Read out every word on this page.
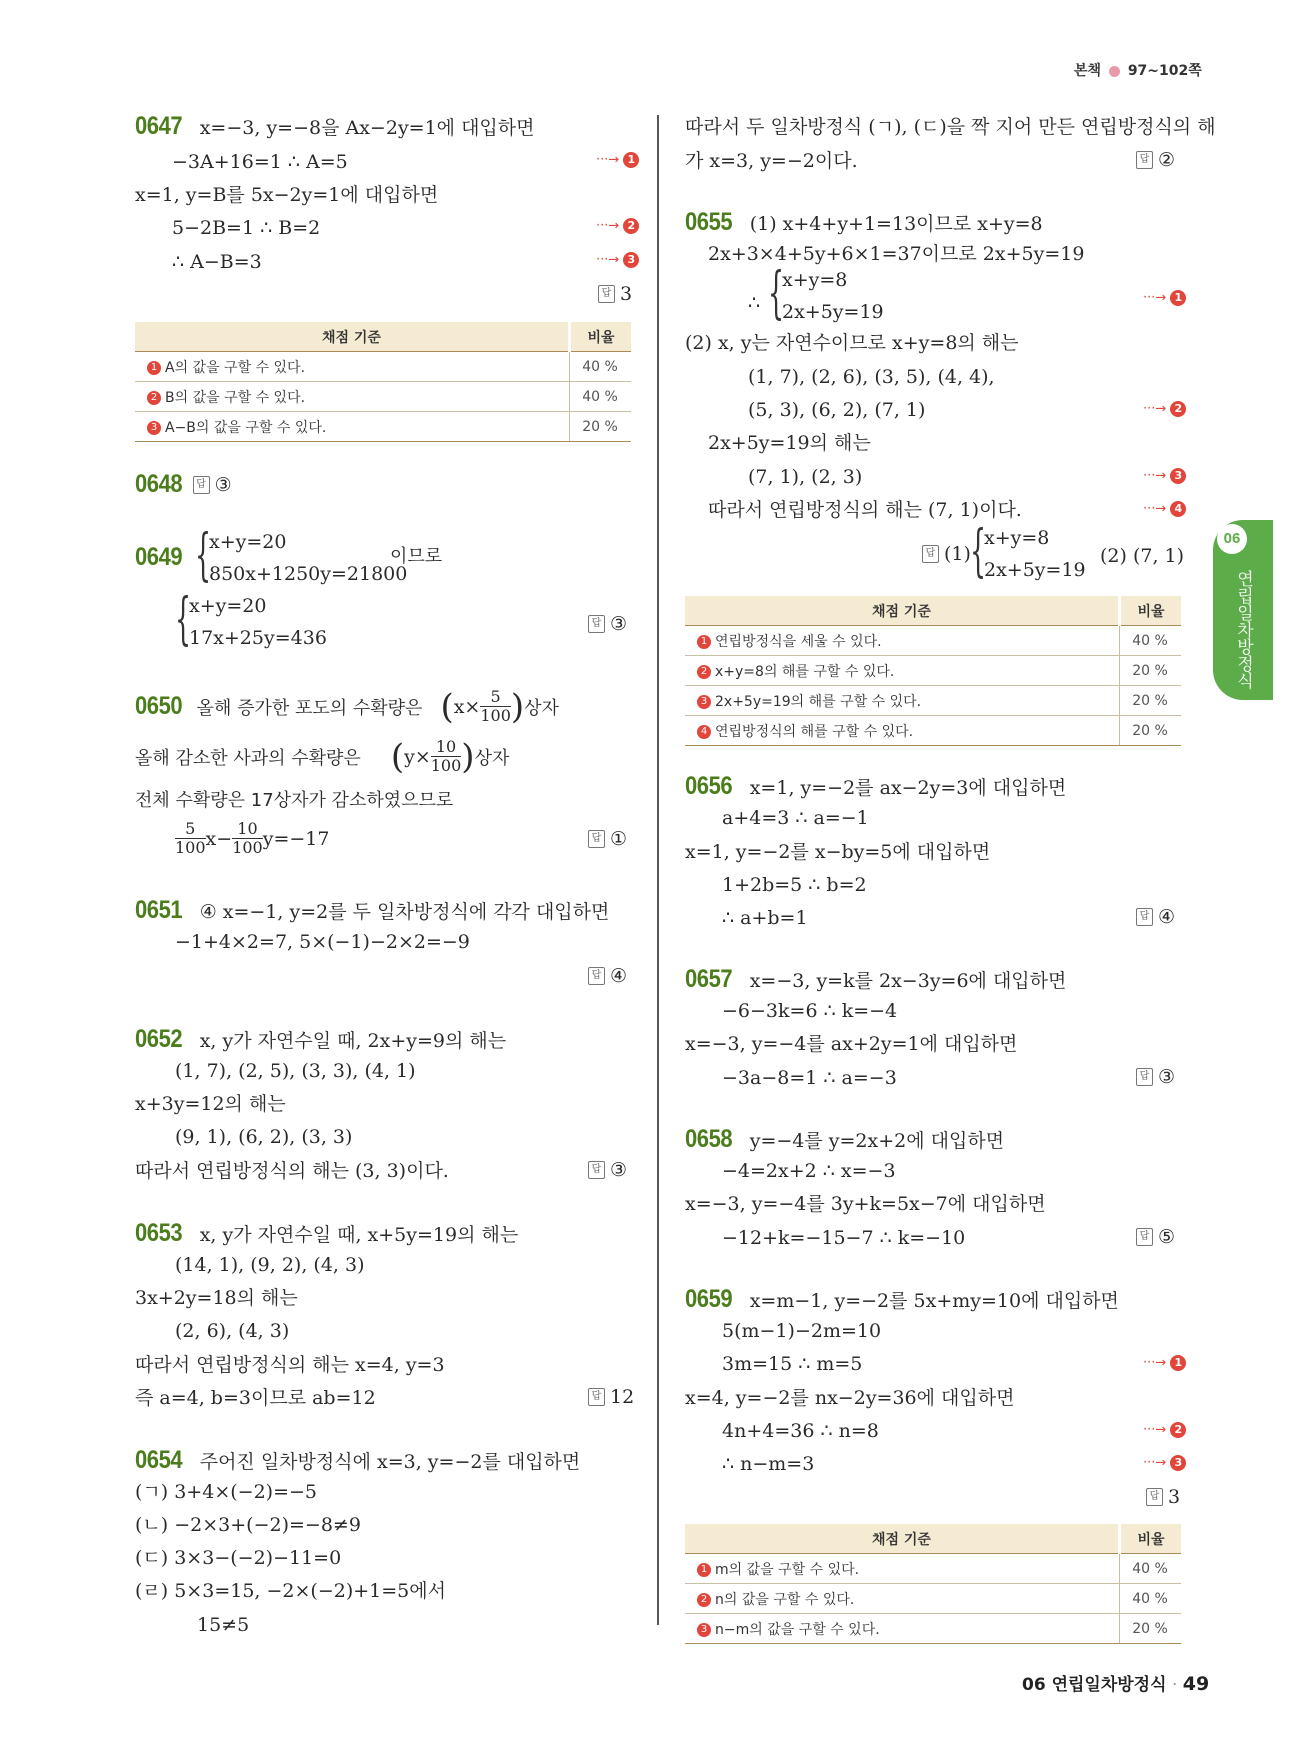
본책 97~102쪽
06
연립일차방정식
0647 x=−3, y=−8을 Ax−2y=1에 대입하면
−3A+16=1 ∴ A=5	···→ 1
x=1, y=B를 5x−2y=1에 대입하면
5−2B=1 ∴ B=2	···→ 2
∴ A−B=3	···→ 3
답 3
채점 기준	비율
1 A의 값을 구할 수 있다.	40 %
2 B의 값을 구할 수 있다.	40 %
3 A−B의 값을 구할 수 있다.	20 %
0648	답 ③
0649 {
x+y=20
850x+1250y=21800
이므로
{
x+y=20
17x+25y=436
답 ③
0650 올해 증가한 포도의 수확량은 ( $x\times \frac{5}{100}$ ) 상자
올해 감소한 사과의 수확량은 ( $y\times \frac{10}{100}$ ) 상자
전체 수확량은 17상자가 감소하였으므로
$\frac{5}{100} x- \frac{10}{100} y=-17$	답 ①
0651 ④ x=−1, y=2를 두 일차방정식에 각각 대입하면
−1+4×2=7, 5×(−1)−2×2=−9
답 ④
0652 x, y가 자연수일 때, 2x+y=9의 해는
(1, 7), (2, 5), (3, 3), (4, 1)
x+3y=12의 해는
(9, 1), (6, 2), (3, 3)
따라서 연립방정식의 해는 (3, 3)이다.	답 ③
0653 x, y가 자연수일 때, x+5y=19의 해는
(14, 1), (9, 2), (4, 3)
3x+2y=18의 해는
(2, 6), (4, 3)
따라서 연립방정식의 해는 x=4, y=3
즉 a=4, b=3이므로 ab=12	답 12
0654 주어진 일차방정식에 x=3, y=−2를 대입하면
(ㄱ) 3+4×(−2)=−5
(ㄴ) −2×3+(−2)=−8≠9
(ㄷ) 3×3−(−2)−11=0
(ㄹ) 5×3=15, −2×(−2)+1=5에서
15≠5
따라서 두 일차방정식 (ㄱ), (ㄷ)을 짝 지어 만든 연립방정식의 해
가 x=3, y=−2이다.	답 ②
0655 (1) x+4+y+1=13이므로 x+y=8
2x+3×4+5y+6×1=37이므로 2x+5y=19
∴ {
x+y=8
2x+5y=19
···→ 1
(2) x, y는 자연수이므로 x+y=8의 해는
(1, 7), (2, 6), (3, 5), (4, 4),
(5, 3), (6, 2), (7, 1)	···→ 2
2x+5y=19의 해는
(7, 1), (2, 3)	···→ 3
따라서 연립방정식의 해는 (7, 1)이다.	···→ 4
답 (1) {
x+y=8
2x+5y=19
(2) (7, 1)
채점 기준	비율
1 연립방정식을 세울 수 있다.	40 %
2 x+y=8의 해를 구할 수 있다.	20 %
3 2x+5y=19의 해를 구할 수 있다.	20 %
4 연립방정식의 해를 구할 수 있다.	20 %
0656 x=1, y=−2를 ax−2y=3에 대입하면
a+4=3 ∴ a=−1
x=1, y=−2를 x−by=5에 대입하면
1+2b=5 ∴ b=2
∴ a+b=1	답 ④
0657 x=−3, y=k를 2x−3y=6에 대입하면
−6−3k=6 ∴ k=−4
x=−3, y=−4를 ax+2y=1에 대입하면
−3a−8=1 ∴ a=−3	답 ③
0658 y=−4를 y=2x+2에 대입하면
−4=2x+2 ∴ x=−3
x=−3, y=−4를 3y+k=5x−7에 대입하면
−12+k=−15−7 ∴ k=−10	답 ⑤
0659 x=m−1, y=−2를 5x+my=10에 대입하면
5(m−1)−2m=10
3m=15 ∴ m=5	···→ 1
x=4, y=−2를 nx−2y=36에 대입하면
4n+4=36 ∴ n=8	···→ 2
∴ n−m=3	···→ 3
답 3
채점 기준	비율
1 m의 값을 구할 수 있다.	40 %
2 n의 값을 구할 수 있다.	40 %
3 n−m의 값을 구할 수 있다.	20 %
06 연립일차방정식 · 49
